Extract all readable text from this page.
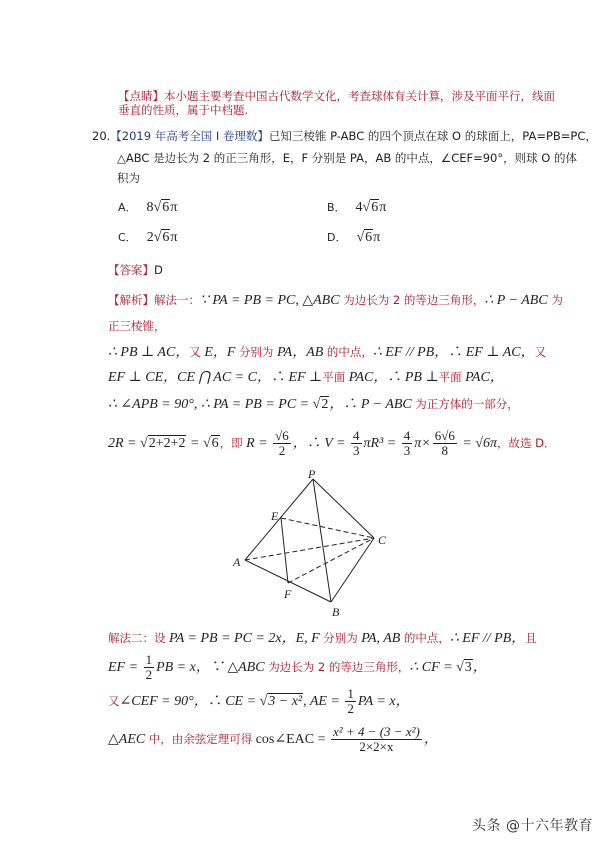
【点睛】本小题主要考查中国古代数学文化，考查球体有关计算，涉及平面平行，线面
垂直的性质，属于中档题.
20.【2019 年高考全国 I 卷理数】已知三棱锥 P-ABC 的四个顶点在球 O 的球面上，PA=PB=PC，
△ABC 是边长为 2 的正三角形，E，F 分别是 PA，AB 的中点，∠CEF=90°，则球 O 的体
积为
A． 8√6π	B． 4√6π
C． 2√6π	D． √6π
【答案】D
【解析】解法一：∵ PA = PB = PC, △ABC 为边长为 2 的等边三角形，∴ P − ABC 为
正三棱锥，
∴ PB ⊥ AC，又 E，F 分别为 PA，AB 的中点，∴ EF // PB，∴ EF ⊥ AC，又
EF ⊥ CE，CE ⋂ AC = C，∴ EF ⊥平面 PAC，∴ PB ⊥平面 PAC，
∴ ∠APB = 90°, ∴ PA = PB = PC = √2，∴ P − ABC 为正方体的一部分，
2R = √2+2+2 = √6，即 $R = \frac{√6}{2}$ ，∴ $V = \frac{4}{3} \pi R^3 = \frac{4}{3} \pi\times \frac{6√6}{8} = √6\pi$，故选 D．
P
E
A
F
B
C
解法二：设 PA = PB = PC = 2x，E, F 分别为 PA, AB 的中点，∴ EF // PB，且
EF = $\frac{1}{2}$ PB = x，∵ △ABC 为边长为 2 的等边三角形，∴ CF = √3，
又∠CEF = 90°，∴ CE = √3 − x², AE = $\frac{1}{2}$ PA = x，
△AEC 中，由余弦定理可得 cos∠EAC = $\frac{\text{x² + 4 − (3 − x²)}}{2\times 2\times x}$ ，
头条 @十六年教育
